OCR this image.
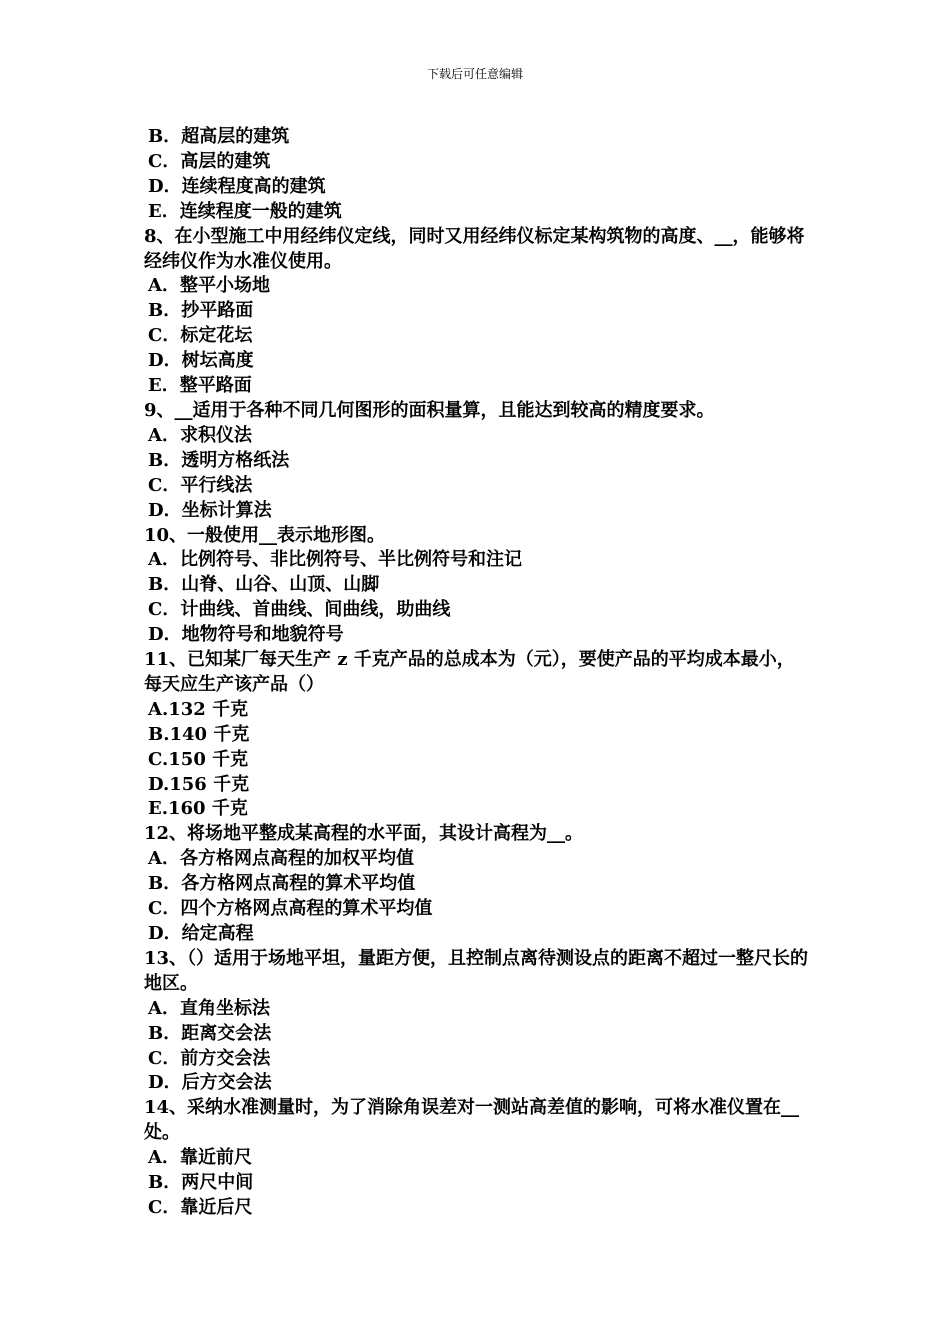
下载后可任意编辑

B．超高层的建筑

C．高层的建筑

D．连续程度高的建筑

E．连续程度一般的建筑

8、在小型施工中用经纬仪定线，同时又用经纬仪标定某构筑物的高度、__，能够将经纬仪作为水准仪使用。

A．整平小场地

B．抄平路面

C．标定花坛

D．树坛高度

E．整平路面

9、__适用于各种不同几何图形的面积量算，且能达到较高的精度要求。

A．求积仪法

B．透明方格纸法

C．平行线法

D．坐标计算法

10、一般使用__表示地形图。

A．比例符号、非比例符号、半比例符号和注记

B．山脊、山谷、山顶、山脚

C．计曲线、首曲线、间曲线，助曲线

D．地物符号和地貌符号

11、已知某厂每天生产 z 千克产品的总成本为（元），要使产品的平均成本最小，每天应生产该产品（）

A.132 千克

B.140 千克

C.150 千克

D.156 千克

E.160 千克

12、将场地平整成某高程的水平面，其设计高程为__。

A．各方格网点高程的加权平均值

B．各方格网点高程的算术平均值

C．四个方格网点高程的算术平均值

D．给定高程

13、（）适用于场地平坦，量距方便，且控制点离待测设点的距离不超过一整尺长的地区。

A．直角坐标法

B．距离交会法

C．前方交会法

D．后方交会法

14、采纳水准测量时，为了消除角误差对一测站高差值的影响，可将水准仪置在__处。

A．靠近前尺

B．两尺中间

C．靠近后尺
